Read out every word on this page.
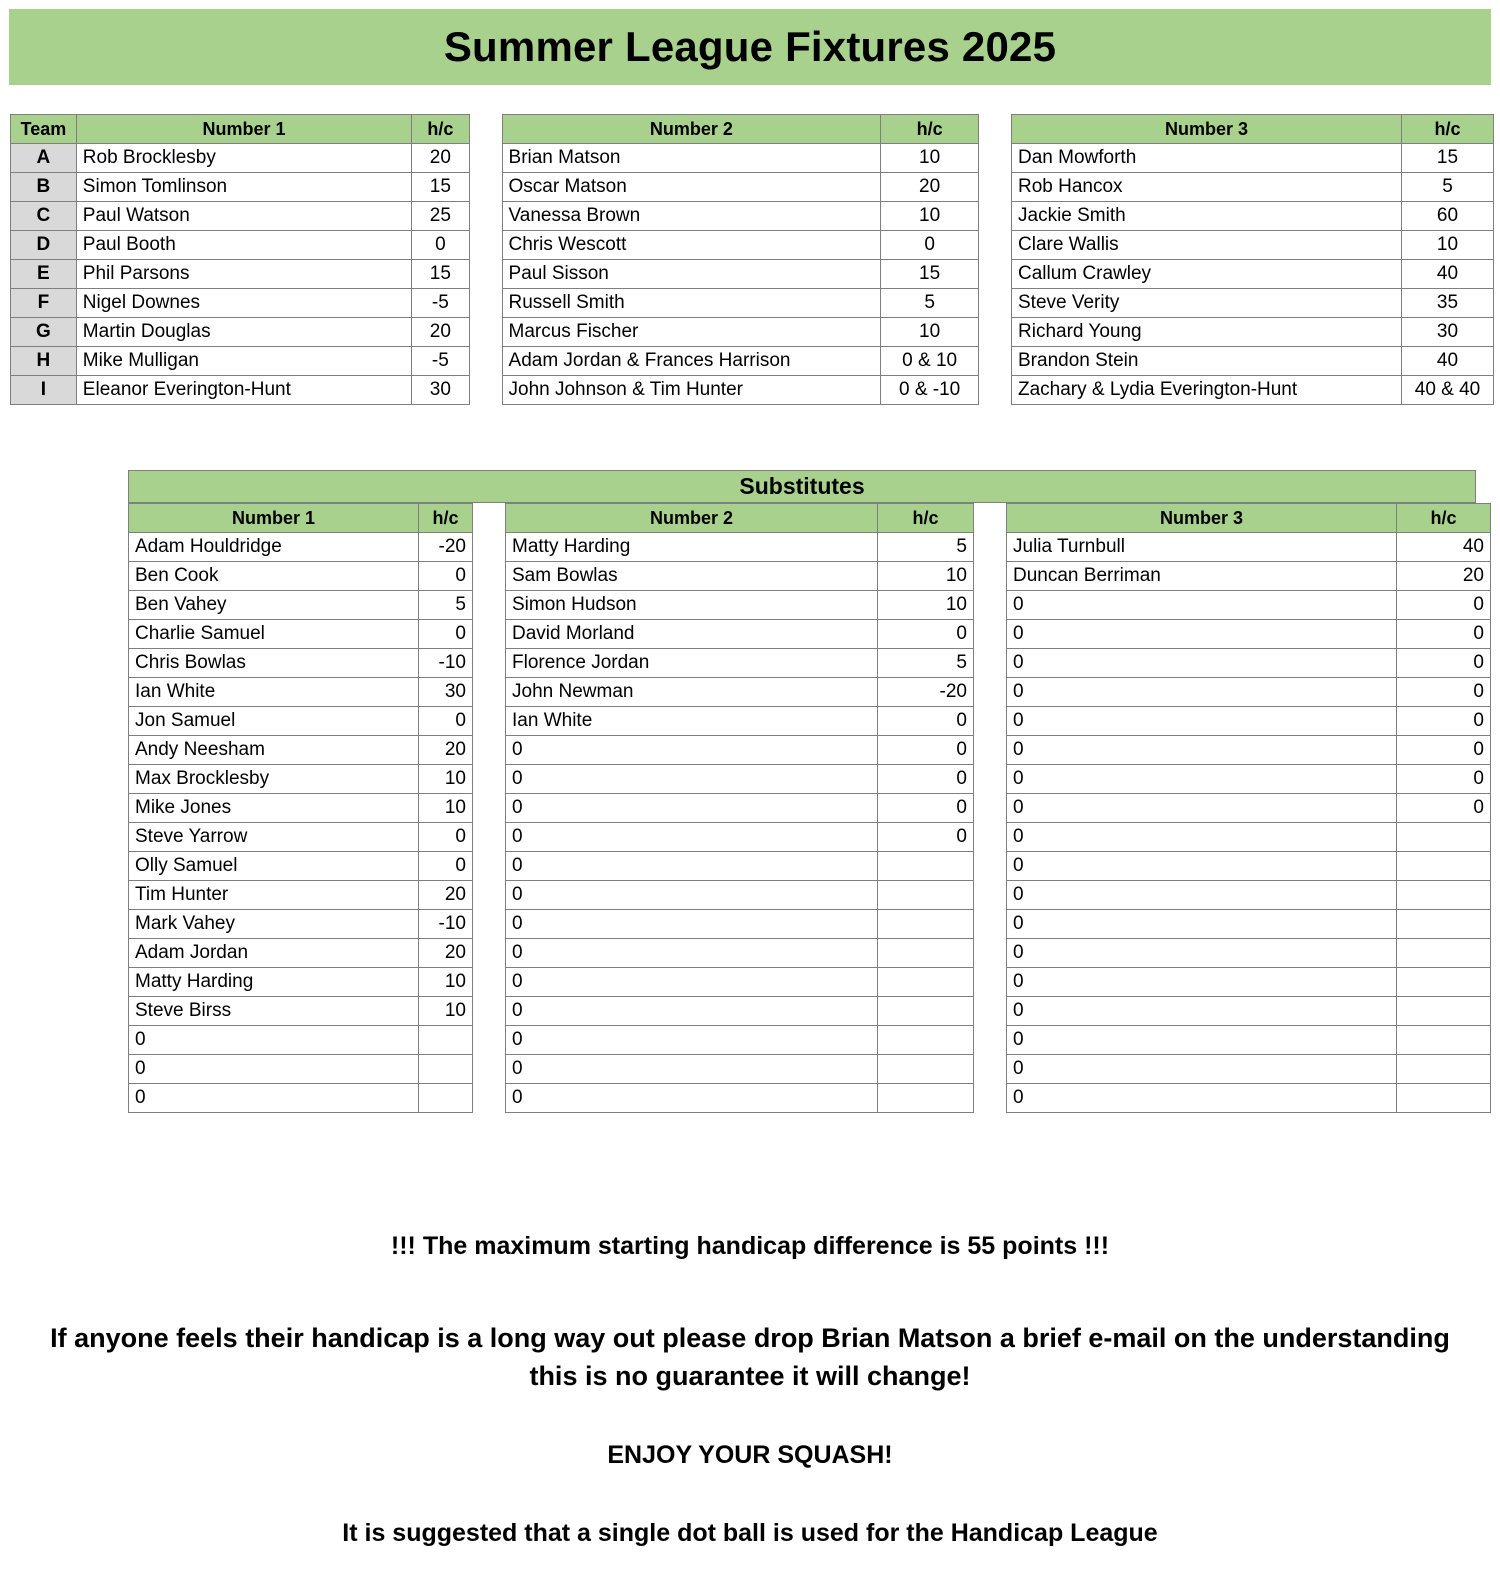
Summer League Fixtures 2025
Team	Number 1	h/c
A	Rob Brocklesby	20
B	Simon Tomlinson	15
C	Paul Watson	25
D	Paul Booth	0
E	Phil Parsons	15
F	Nigel Downes	-5
G	Martin Douglas	20
H	Mike Mulligan	-5
I	Eleanor Everington-Hunt	30
Number 2	h/c
Brian Matson	10
Oscar Matson	20
Vanessa Brown	10
Chris Wescott	0
Paul Sisson	15
Russell Smith	5
Marcus Fischer	10
Adam Jordan & Frances Harrison	0 & 10
John Johnson & Tim Hunter	0 & -10
Number 3	h/c
Dan Mowforth	15
Rob Hancox	5
Jackie Smith	60
Clare Wallis	10
Callum Crawley	40
Steve Verity	35
Richard Young	30
Brandon Stein	40
Zachary & Lydia Everington-Hunt	40 & 40
Substitutes
Number 1	h/c
Adam Houldridge	-20
Ben Cook	0
Ben Vahey	5
Charlie Samuel	0
Chris Bowlas	-10
Ian White	30
Jon Samuel	0
Andy Neesham	20
Max Brocklesby	10
Mike Jones	10
Steve Yarrow	0
Olly Samuel	0
Tim Hunter	20
Mark Vahey	-10
Adam Jordan	20
Matty Harding	10
Steve Birss	10
0	
0	
0	
Number 2	h/c
Matty Harding	5
Sam Bowlas	10
Simon Hudson	10
David Morland	0
Florence Jordan	5
John Newman	-20
Ian White	0
0	0
0	0
0	0
0	0
0	
0	
0	
0	
0	
0	
0	
0	
0	
Number 3	h/c
Julia Turnbull	40
Duncan Berriman	20
0	0
0	0
0	0
0	0
0	0
0	0
0	0
0	0
0	
0	
0	
0	
0	
0	
0	
0	
0	
0	
!!! The maximum starting handicap difference is 55 points !!!
If anyone feels their handicap is a long way out please drop Brian Matson a brief e-mail on the understanding this is no guarantee it will change!
ENJOY YOUR SQUASH!
It is suggested that a single dot ball is used for the Handicap League
